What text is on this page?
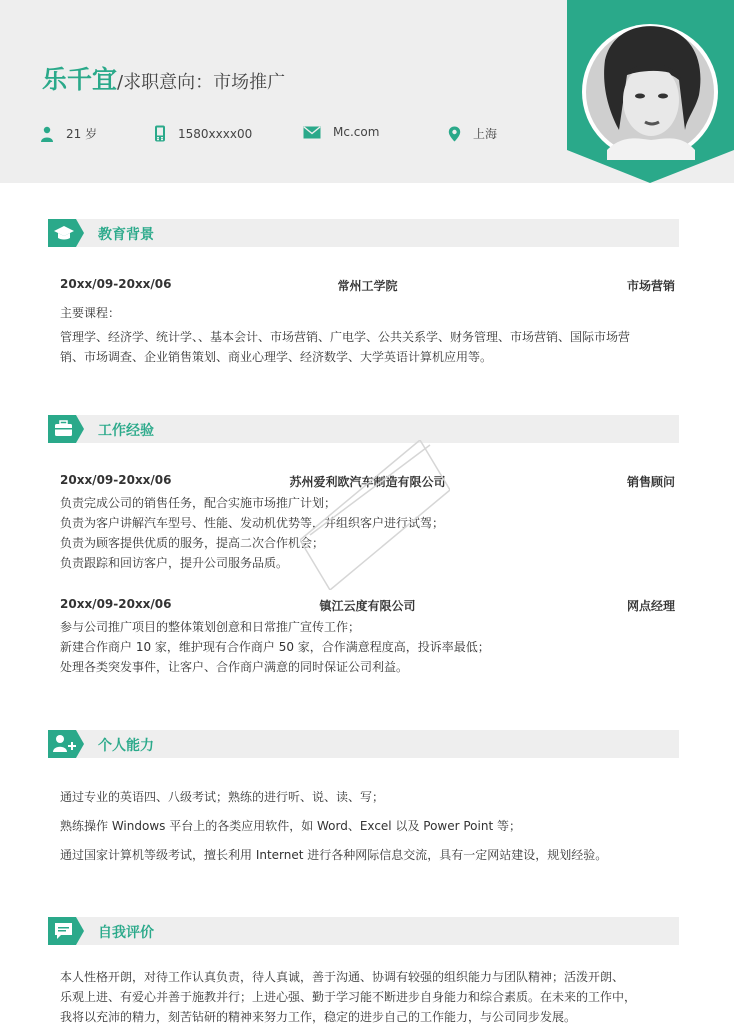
乐千宜/求职意向：市场推广
21 岁	1580xxxx00	Mc.com	上海
教育背景
20xx/09-20xx/06	常州工学院	市场营销

主要课程：

管理学、经济学、统计学、、基本会计、市场营销、广电学、公共关系学、财务管理、市场营销、国际市场营

销、市场调查、企业销售策划、商业心理学、经济数学、大学英语计算机应用等。

工作经验
20xx/09-20xx/06	苏州爱利欧汽车制造有限公司	销售顾问

负责完成公司的销售任务，配合实施市场推广计划；

负责为客户讲解汽车型号、性能、发动机优势等，并组织客户进行试驾；

负责为顾客提供优质的服务，提高二次合作机会；

负责跟踪和回访客户，提升公司服务品质。

20xx/09-20xx/06	镇江云度有限公司	网点经理

参与公司推广项目的整体策划创意和日常推广宣传工作；

新建合作商户 10 家，维护现有合作商户 50 家，合作满意程度高，投诉率最低；

处理各类突发事件，让客户、合作商户满意的同时保证公司利益。

个人能力

通过专业的英语四、八级考试；熟练的进行听、说、读、写；

熟练操作 Windows 平台上的各类应用软件，如 Word、Excel 以及 Power Point 等；

通过国家计算机等级考试，擅长利用 Internet 进行各种网际信息交流，具有一定网站建设，规划经验。

自我评价

本人性格开朗，对待工作认真负责，待人真诚，善于沟通、协调有较强的组织能力与团队精神；活泼开朗、

乐观上进、有爱心并善于施教并行；上进心强、勤于学习能不断进步自身能力和综合素质。在未来的工作中，

我将以充沛的精力，刻苦钻研的精神来努力工作，稳定的进步自己的工作能力，与公司同步发展。
